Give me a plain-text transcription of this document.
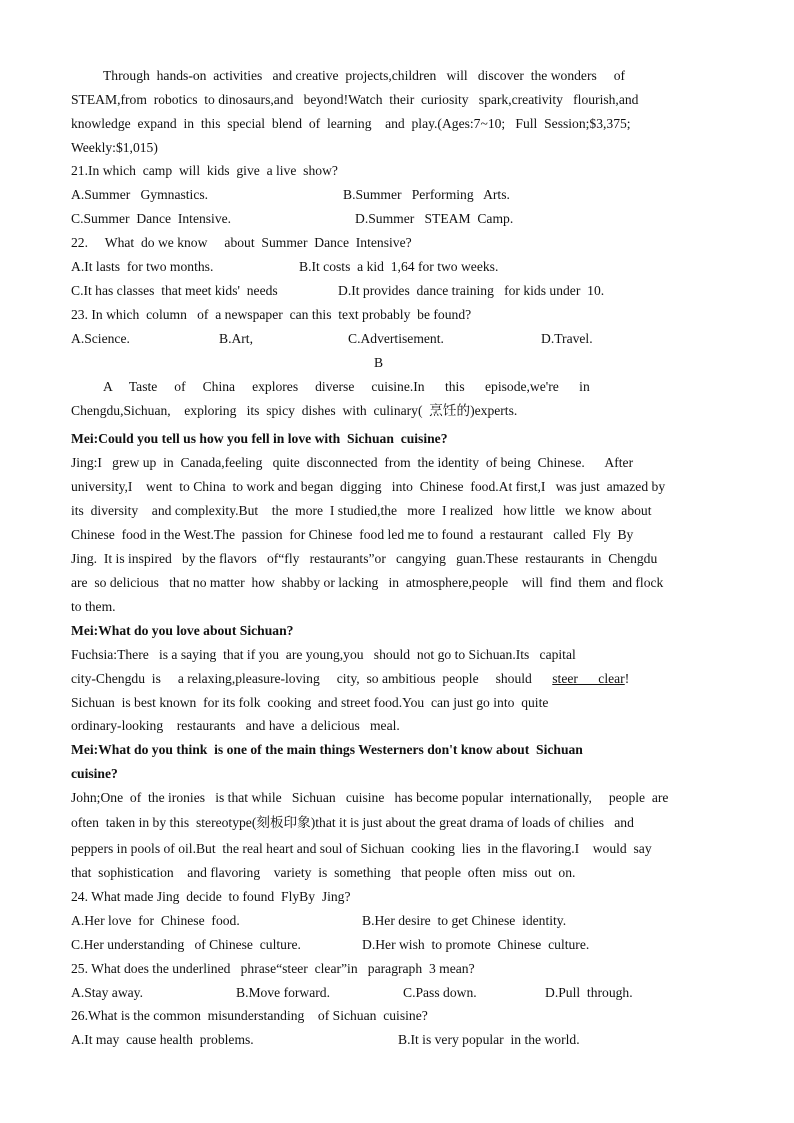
Through  hands-on  activities   and creative  projects,children   will   discover  the wonders     of
STEAM,from  robotics  to dinosaurs,and   beyond!Watch  their  curiosity   spark,creativity   flourish,and
knowledge  expand  in  this  special  blend  of  learning    and  play.(Ages:7~10;   Full  Session;$3,375;
Weekly:$1,015)
21.In which  camp  will  kids  give  a live  show?
A.Summer   Gymnastics.	B.Summer   Performing   Arts.
C.Summer  Dance  Intensive.	D.Summer   STEAM  Camp.
22.     What  do we know     about  Summer  Dance  Intensive?
A.It lasts  for two months.	B.It costs  a kid  1,64 for two weeks.
C.It has classes  that meet kids'  needs	D.It provides  dance training   for kids under  10.
23. In which  column   of  a newspaper  can this  text probably  be found?
A.Science.	B.Art,	C.Advertisement.	D.Travel.
B
A     Taste     of     China     explores     diverse     cuisine.In      this      episode,we're      in
Chengdu,Sichuan,    exploring   its  spicy  dishes  with  culinary(  烹饪的)experts.
Mei:Could you tell us how you fell in love with  Sichuan  cuisine?
Jing:I   grew up  in  Canada,feeling   quite  disconnected  from  the identity  of being  Chinese.      After
university,I    went  to China  to work and began  digging   into  Chinese  food.At first,I   was just  amazed by
its  diversity    and complexity.But    the  more  I studied,the   more  I realized   how little   we know  about
Chinese  food in the West.The  passion  for Chinese  food led me to found  a restaurant   called  Fly  By
Jing.  It is inspired   by the flavors   of“fly   restaurants”or   cangying   guan.These  restaurants  in  Chengdu
are  so delicious   that no matter  how  shabby or lacking   in  atmosphere,people    will  find  them  and flock
to them.
Mei:What do you love about Sichuan?
Fuchsia:There   is a saying  that if you  are young,you   should  not go to Sichuan.Its   capital
city-Chengdu  is     a relaxing,pleasure-loving     city,  so ambitious  people     should      steer      clear!
Sichuan  is best known  for its folk  cooking  and street food.You  can just go into  quite
ordinary-looking    restaurants   and have  a delicious   meal.
Mei:What do you think  is one of the main things Westerners don't know about  Sichuan
cuisine?
John;One  of  the ironies   is that while   Sichuan   cuisine   has become popular  internationally,     people  are
often  taken in by this  stereotype(刻板印象)that it is just about the great drama of loads of chilies   and
peppers in pools of oil.But  the real heart and soul of Sichuan  cooking  lies  in the flavoring.I    would  say
that  sophistication    and flavoring    variety  is  something   that people  often  miss  out  on.
24. What made Jing  decide  to found  FlyBy  Jing?
A.Her love  for  Chinese  food.	B.Her desire  to get Chinese  identity.
C.Her understanding   of Chinese  culture.	D.Her wish  to promote  Chinese  culture.
25. What does the underlined   phrase“steer  clear”in   paragraph  3 mean?
A.Stay away.	B.Move forward.	C.Pass down.	D.Pull  through.
26.What is the common  misunderstanding    of Sichuan  cuisine?
A.It may  cause health  problems.	B.It is very popular  in the world.
